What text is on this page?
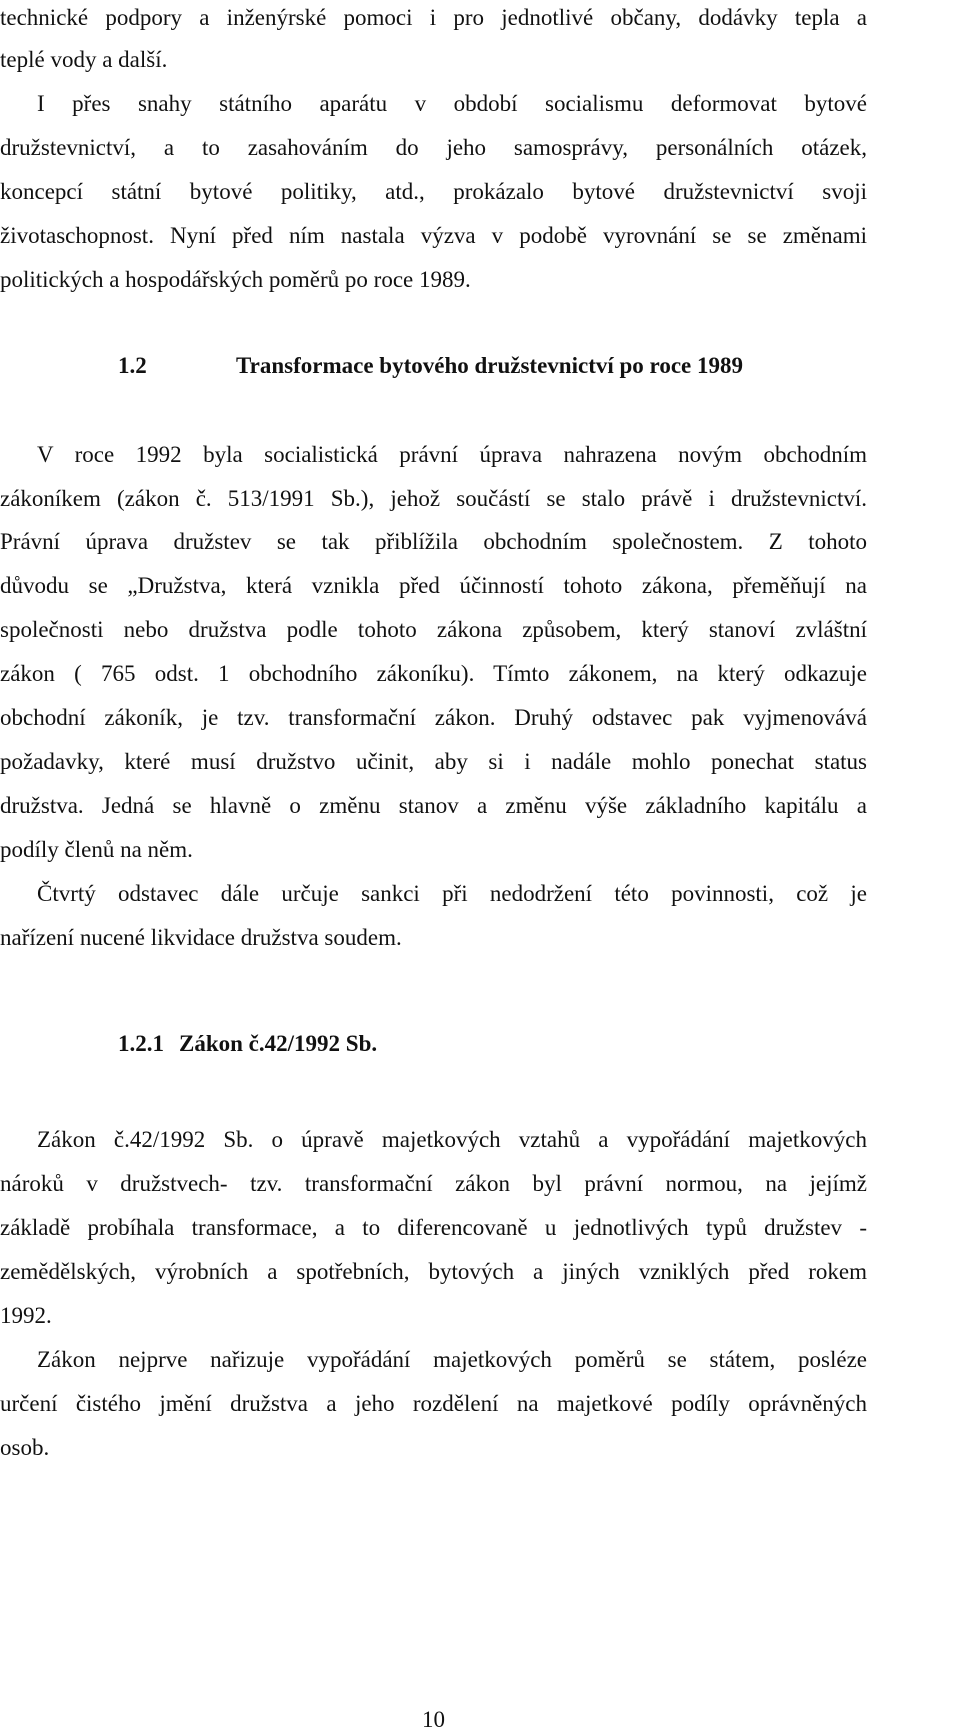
technické podpory a inženýrské pomoci i pro jednotlivé občany, dodávky tepla a
teplé vody a další.
I přes snahy státního aparátu v období socialismu deformovat bytové
družstevnictví, a to zasahováním do jeho samosprávy, personálních otázek,
koncepcí státní bytové politiky, atd., prokázalo bytové družstevnictví svoji
životaschopnost. Nyní před ním nastala výzva v podobě vyrovnání se se změnami
politických a hospodářských poměrů po roce 1989.
1.2	Transformace bytového družstevnictví po roce 1989
V roce 1992 byla socialistická právní úprava nahrazena novým obchodním
zákoníkem (zákon č. 513/1991 Sb.), jehož součástí se stalo právě i družstevnictví.
Právní úprava družstev se tak přiblížila obchodním společnostem. Z tohoto
důvodu se „Družstva, která vznikla před účinností tohoto zákona, přeměňují na
společnosti nebo družstva podle tohoto zákona způsobem, který stanoví zvláštní
zákon ( 765 odst. 1 obchodního zákoníku). Tímto zákonem, na který odkazuje
obchodní zákoník, je tzv. transformační zákon. Druhý odstavec pak vyjmenovává
požadavky, které musí družstvo učinit, aby si i nadále mohlo ponechat status
družstva. Jedná se hlavně o změnu stanov a změnu výše základního kapitálu a
podíly členů na něm.
Čtvrtý odstavec dále určuje sankci při nedodržení této povinnosti, což je
nařízení nucené likvidace družstva soudem.
1.2.1 Zákon č.42/1992 Sb.
Zákon č.42/1992 Sb. o úpravě majetkových vztahů a vypořádání majetkových
nároků v družstvech- tzv. transformační zákon byl právní normou, na jejímž
základě probíhala transformace, a to diferencovaně u jednotlivých typů družstev -
zemědělských, výrobních a spotřebních, bytových a jiných vzniklých před rokem
1992.
Zákon nejprve nařizuje vypořádání majetkových poměrů se státem, posléze
určení čistého jmění družstva a jeho rozdělení na majetkové podíly oprávněných
osob.
10
